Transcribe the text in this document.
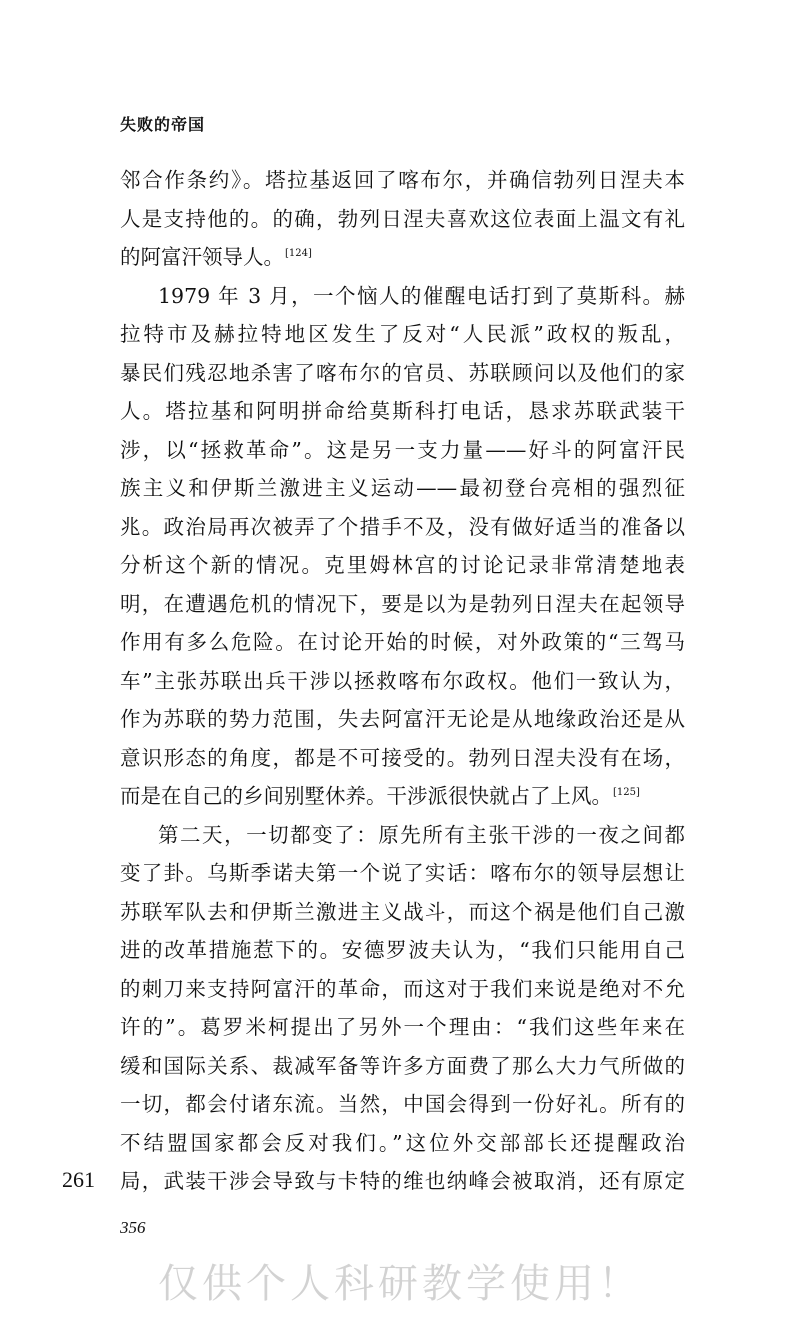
失败的帝国
邻合作条约》。塔拉基返回了喀布尔，并确信勃列日涅夫本
人是支持他的。的确，勃列日涅夫喜欢这位表面上温文有礼
的阿富汗领导人。[124]
1979 年 3 月，一个恼人的催醒电话打到了莫斯科。赫
拉特市及赫拉特地区发生了反对“人民派”政权的叛乱，
暴民们残忍地杀害了喀布尔的官员、苏联顾问以及他们的家
人。塔拉基和阿明拼命给莫斯科打电话，恳求苏联武装干
涉，以“拯救革命”。这是另一支力量——好斗的阿富汗民
族主义和伊斯兰激进主义运动——最初登台亮相的强烈征
兆。政治局再次被弄了个措手不及，没有做好适当的准备以
分析这个新的情况。克里姆林宫的讨论记录非常清楚地表
明，在遭遇危机的情况下，要是以为是勃列日涅夫在起领导
作用有多么危险。在讨论开始的时候，对外政策的“三驾马
车”主张苏联出兵干涉以拯救喀布尔政权。他们一致认为，
作为苏联的势力范围，失去阿富汗无论是从地缘政治还是从
意识形态的角度，都是不可接受的。勃列日涅夫没有在场，
而是在自己的乡间别墅休养。干涉派很快就占了上风。[125]
第二天，一切都变了：原先所有主张干涉的一夜之间都
变了卦。乌斯季诺夫第一个说了实话：喀布尔的领导层想让
苏联军队去和伊斯兰激进主义战斗，而这个祸是他们自己激
进的改革措施惹下的。安德罗波夫认为，“我们只能用自己
的刺刀来支持阿富汗的革命，而这对于我们来说是绝对不允
许的”。葛罗米柯提出了另外一个理由：“我们这些年来在
缓和国际关系、裁减军备等许多方面费了那么大力气所做的
一切，都会付诸东流。当然，中国会得到一份好礼。所有的
不结盟国家都会反对我们。”这位外交部部长还提醒政治
局，武装干涉会导致与卡特的维也纳峰会被取消，还有原定
261
356
仅供个人科研教学使用！
